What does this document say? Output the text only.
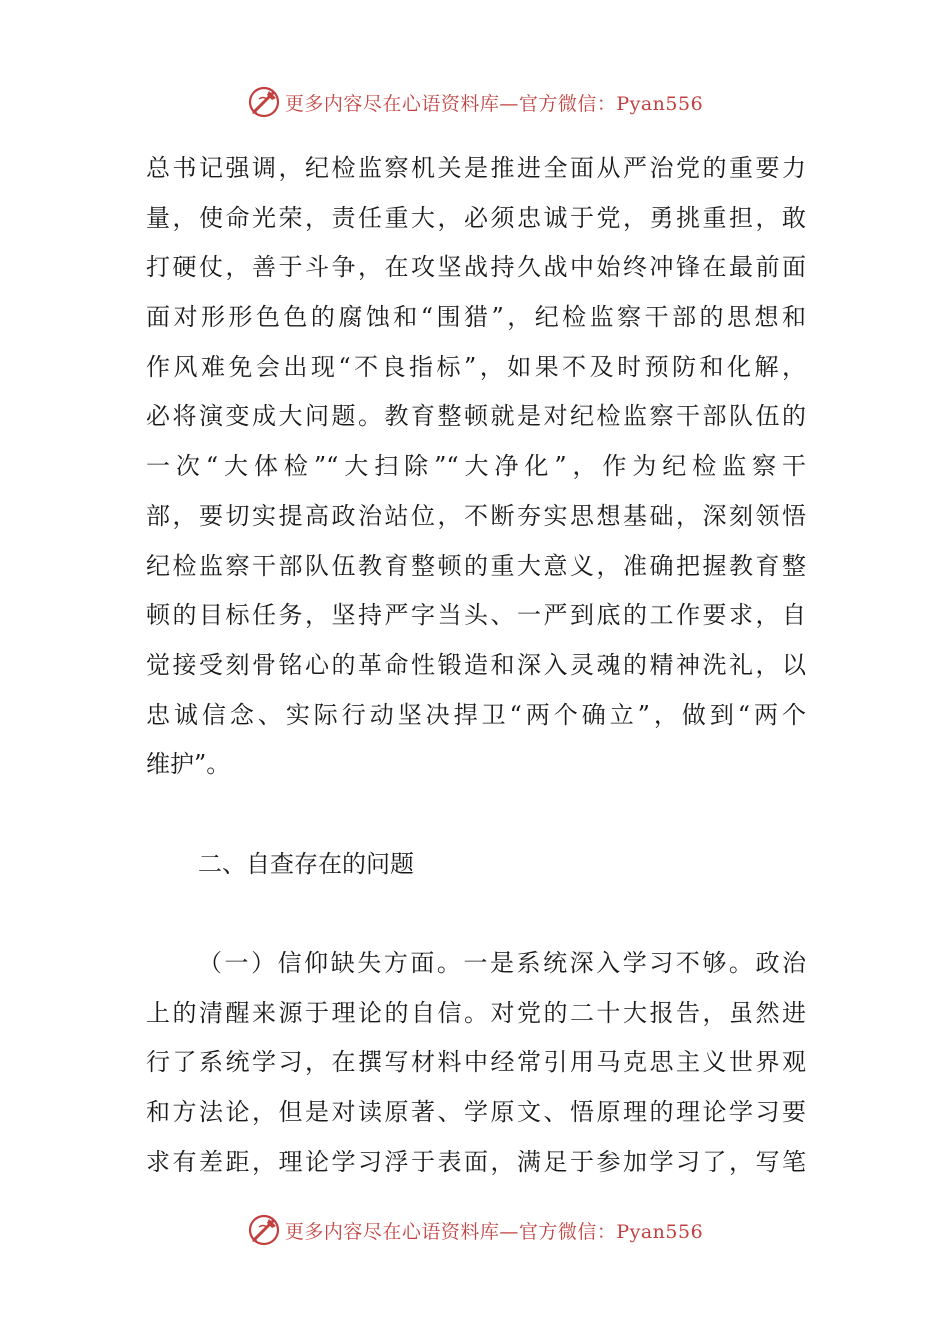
更多内容尽在心语资料库—官方微信：Pyan556
总书记强调，纪检监察机关是推进全面从严治党的重要力
量，使命光荣，责任重大，必须忠诚于党，勇挑重担，敢
打硬仗，善于斗争，在攻坚战持久战中始终冲锋在最前面
面对形形色色的腐蚀和“围猎”，纪检监察干部的思想和
作风难免会出现“不良指标”，如果不及时预防和化解，
必将演变成大问题。教育整顿就是对纪检监察干部队伍的
一次“大体检”“大扫除”“大净化”，作为纪检监察干
部，要切实提高政治站位，不断夯实思想基础，深刻领悟
纪检监察干部队伍教育整顿的重大意义，准确把握教育整
顿的目标任务，坚持严字当头、一严到底的工作要求，自
觉接受刻骨铭心的革命性锻造和深入灵魂的精神洗礼，以
忠诚信念、实际行动坚决捍卫“两个确立”，做到“两个
维护”。
二、自查存在的问题
（一）信仰缺失方面。一是系统深入学习不够。政治
上的清醒来源于理论的自信。对党的二十大报告，虽然进
行了系统学习，在撰写材料中经常引用马克思主义世界观
和方法论，但是对读原著、学原文、悟原理的理论学习要
求有差距，理论学习浮于表面，满足于参加学习了，写笔
更多内容尽在心语资料库—官方微信：Pyan556
